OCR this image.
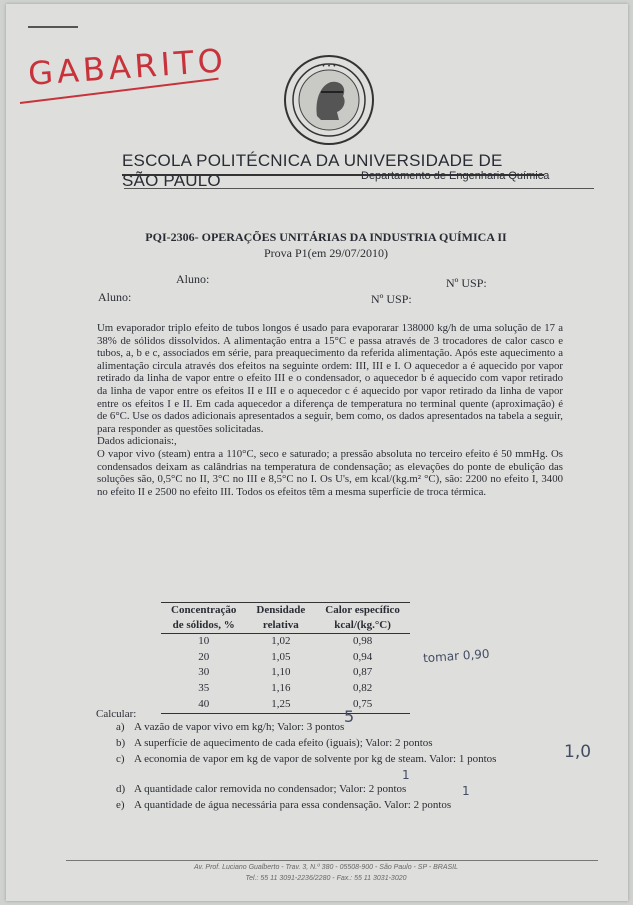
GABARITO	• • • • •
ESCOLA POLITÉCNICA DA UNIVERSIDADE DE SÃO PAULO	Departamento de Engenharia Química
PQI-2306- OPERAÇÕES UNITÁRIAS DA INDUSTRIA QUÍMICA II
Prova P1(em 29/07/2010)
Aluno:	Nº USP:
Aluno:	Nº USP:

Um evaporador triplo efeito de tubos longos é usado para evaporarar 138000 kg/h de uma solução de 17 a 38% de sólidos dissolvidos. A alimentação entra a 15°C e passa através de 3 trocadores de calor casco e tubos, a, b e c, associados em série, para preaquecimento da referida alimentação. Após este aquecimento a alimentação circula através dos efeitos na seguinte ordem: III, III e I. O aquecedor a é aquecido por vapor retirado da linha de vapor entre o efeito III e o condensador, o aquecedor b é aquecido com vapor retirado da linha de vapor entre os efeitos II e III e o aquecedor c é aquecido por vapor retirado da linha de vapor entre os efeitos I e II. Em cada aquecedor a diferença de temperatura no terminal quente (aproximação) é de 6°C. Use os dados adicionais apresentados a seguir, bem como, os dados apresentados na tabela a seguir, para responder as questões solicitadas.

Dados adicionais:,

O vapor vivo (steam) entra a 110°C, seco e saturado; a pressão absoluta no terceiro efeito é 50 mmHg. Os condensados deixam as calândrias na temperatura de condensação; as elevações do ponte de ebulição das soluções são, 0,5°C no II, 3°C no III e 8,5°C no I. Os U's, em kcal/(kg.m² °C), são: 2200 no efeito I, 3400 no efeito II e 2500 no efeito III. Todos os efeitos têm a mesma superfície de troca térmica.

Concentração	Densidade	Calor específico
de sólidos, %	relativa	kcal/(kg.°C)
10	1,02	0,98
20	1,05	0,94
30	1,10	0,87
35	1,16	0,82
40	1,25	0,75
tomar 0,90
Calcular:
a) A vazão de vapor vivo em kg/h; Valor: 3 pontos
5
b) A superfície de aquecimento de cada efeito (iguais); Valor: 2 pontos
c) A economia de vapor em kg de vapor de solvente por kg de steam. Valor: 1 pontos	1,0
d) A quantidade calor removida no condensador; Valor: 2 pontos
1
e) A quantidade de água necessária para essa condensação. Valor: 2 pontos
1
Av. Prof. Luciano Gualberto - Trav. 3, N.º 380 - 05508-900 - São Paulo - SP - BRASIL
Tel.: 55 11 3091-2236/2280 - Fax.: 55 11 3031-3020
